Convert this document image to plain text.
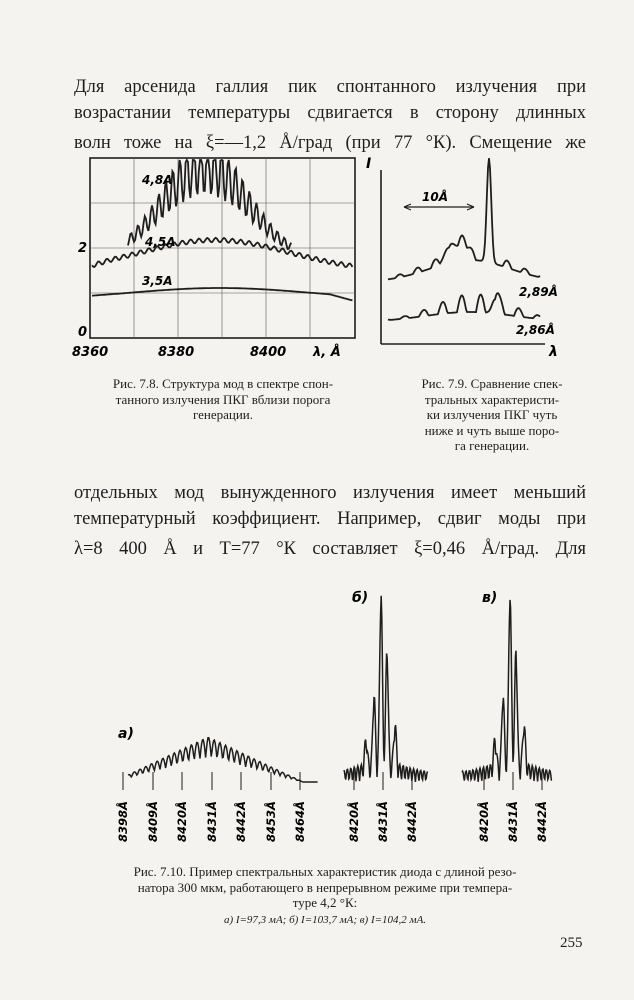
Для арсенида галлия пик спонтанного излучения при
возрастании температуры сдвигается в сторону длинных
волн тоже на ξ=—1,2 Å/град (при 77 °К). Смещение же
отдельных мод вынужденного излучения имеет меньший
температурный коэффициент. Например, сдвиг моды при
λ=8 400 Å и T=77 °К составляет ξ=0,46 Å/град. Для
4,8A
4,5A
3,5A
2
0
8360	8380	8400 λ, Å
I
λ
10Å
2,89Å
2,86Å
а)
б)	в)
8398Å 8409Å 8420Å 8431Å 8442Å 8453Å 8464Å	8420Å 8431Å 8442Å	8420Å 8431Å 8442Å
Рис. 7.8. Структура мод в спектре спон-
танного излучения ПКГ вблизи порога
генерации.
Рис. 7.9. Сравнение спек-
тральных характеристи-
ки излучения ПКГ чуть
ниже и чуть выше поро-
га генерации.
Рис. 7.10. Пример спектральных характеристик диода с длиной резо-
натора 300 мкм, работающего в непрерывном режиме при темпера-
туре 4,2 °К:
а) I=97,3 мА; б) I=103,7 мА; в) I=104,2 мА.
255
